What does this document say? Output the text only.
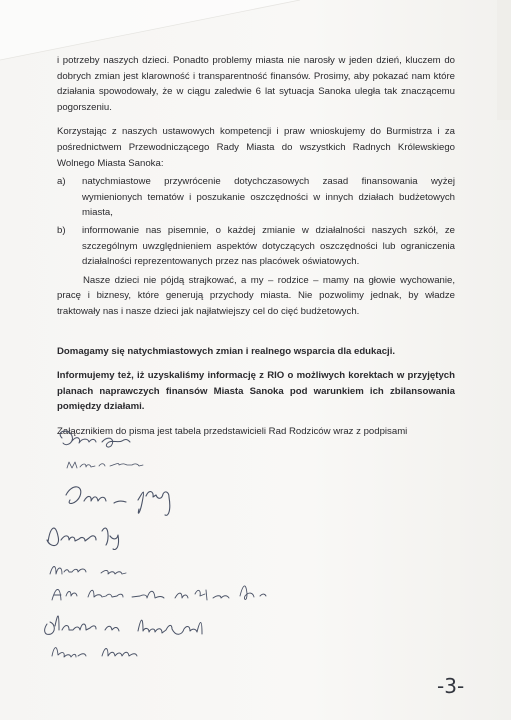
i potrzeby naszych dzieci. Ponadto problemy miasta nie narosły w jeden dzień, kluczem do dobrych zmian jest klarowność i transparentność finansów. Prosimy, aby pokazać nam które działania spowodowały, że w ciągu zaledwie 6 lat sytuacja Sanoka uległa tak znaczącemu pogorszeniu.

Korzystając z naszych ustawowych kompetencji i praw wnioskujemy do Burmistrza i za pośrednictwem Przewodniczącego Rady Miasta do wszystkich Radnych Królewskiego Wolnego Miasta Sanoka:

a) natychmiastowe przywrócenie dotychczasowych zasad finansowania wyżej wymienionych tematów i poszukanie oszczędności w innych działach budżetowych miasta,
b) informowanie nas pisemnie, o każdej zmianie w działalności naszych szkół, ze szczególnym uwzględnieniem aspektów dotyczących oszczędności lub ograniczenia działalności reprezentowanych przez nas placówek oświatowych.

Nasze dzieci nie pójdą strajkować, a my – rodzice – mamy na głowie wychowanie, pracę i biznesy, które generują przychody miasta. Nie pozwolimy jednak, by władze traktowały nas i nasze dzieci jak najłatwiejszy cel do cięć budżetowych.

Domagamy się natychmiastowych zmian i realnego wsparcia dla edukacji.

Informujemy też, iż uzyskaliśmy informację z RIO o możliwych korektach w przyjętych planach naprawczych finansów Miasta Sanoka pod warunkiem ich zbilansowania pomiędzy działami.

Załącznikiem do pisma jest tabela przedstawicieli Rad Rodziców wraz z podpisami

-3-
